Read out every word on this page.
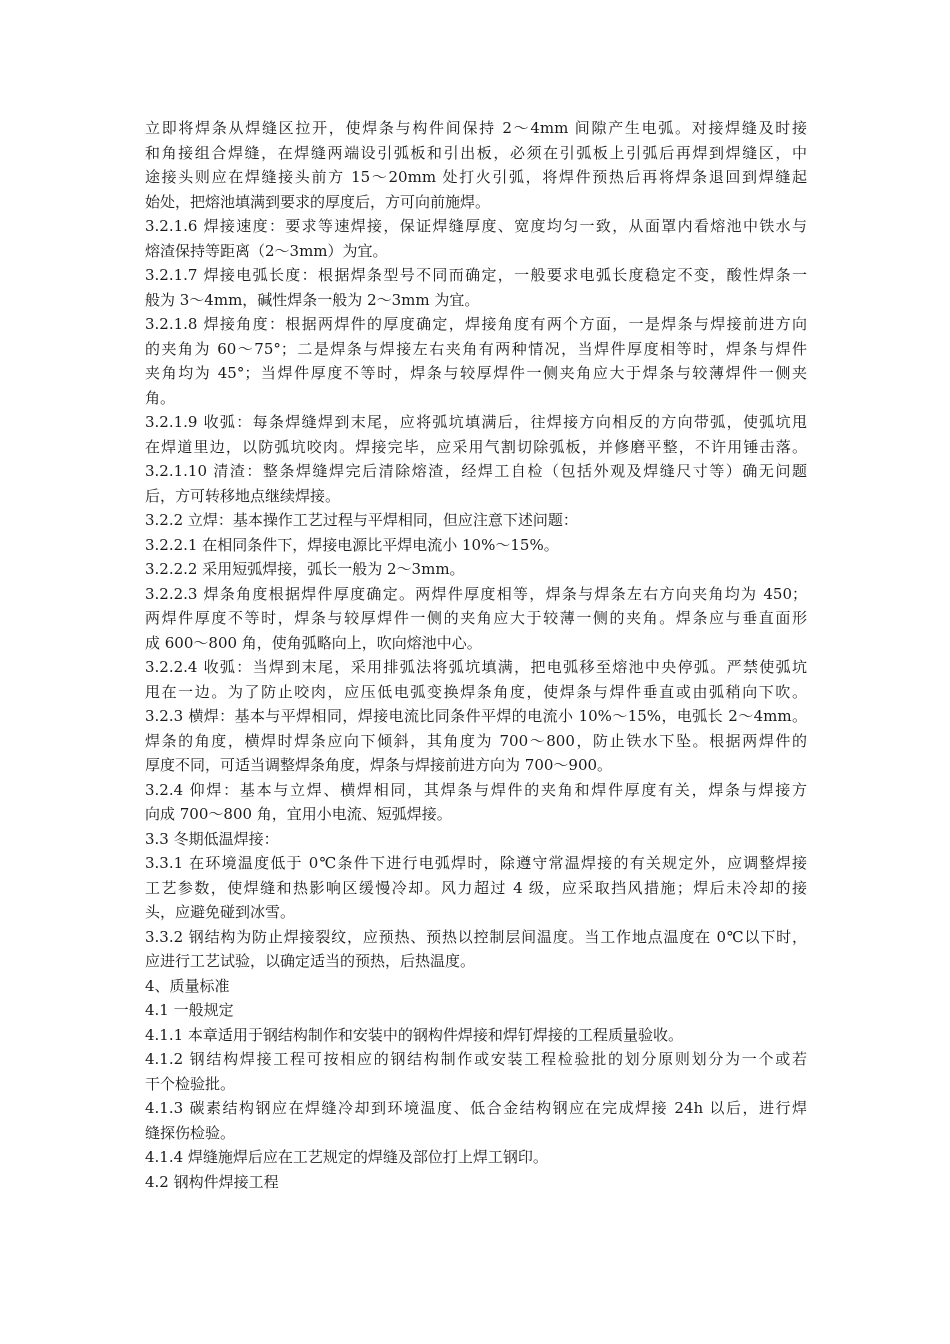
立即将焊条从焊缝区拉开，使焊条与构件间保持 2～4mm 间隙产生电弧。对接焊缝及时接
和角接组合焊缝，在焊缝两端设引弧板和引出板，必须在引弧板上引弧后再焊到焊缝区，中
途接头则应在焊缝接头前方 15～20mm 处打火引弧，将焊件预热后再将焊条退回到焊缝起
始处，把熔池填满到要求的厚度后，方可向前施焊。
3.2.1.6 焊接速度：要求等速焊接，保证焊缝厚度、宽度均匀一致，从面罩内看熔池中铁水与
熔渣保持等距离（2～3mm）为宜。
3.2.1.7 焊接电弧长度：根据焊条型号不同而确定，一般要求电弧长度稳定不变，酸性焊条一
般为 3～4mm，碱性焊条一般为 2～3mm 为宜。
3.2.1.8 焊接角度：根据两焊件的厚度确定，焊接角度有两个方面，一是焊条与焊接前进方向
的夹角为 60～75°；二是焊条与焊接左右夹角有两种情况，当焊件厚度相等时，焊条与焊件
夹角均为 45°；当焊件厚度不等时，焊条与较厚焊件一侧夹角应大于焊条与较薄焊件一侧夹
角。
3.2.1.9 收弧：每条焊缝焊到末尾，应将弧坑填满后，往焊接方向相反的方向带弧，使弧坑甩
在焊道里边，以防弧坑咬肉。焊接完毕，应采用气割切除弧板，并修磨平整，不许用锤击落。
3.2.1.10 清渣：整条焊缝焊完后清除熔渣，经焊工自检（包括外观及焊缝尺寸等）确无问题
后，方可转移地点继续焊接。
3.2.2 立焊：基本操作工艺过程与平焊相同，但应注意下述问题：
3.2.2.1 在相同条件下，焊接电源比平焊电流小 10%～15%。
3.2.2.2 采用短弧焊接，弧长一般为 2～3mm。
3.2.2.3 焊条角度根据焊件厚度确定。两焊件厚度相等，焊条与焊条左右方向夹角均为 450；
两焊件厚度不等时，焊条与较厚焊件一侧的夹角应大于较薄一侧的夹角。焊条应与垂直面形
成 600～800 角，使角弧略向上，吹向熔池中心。
3.2.2.4 收弧：当焊到末尾，采用排弧法将弧坑填满，把电弧移至熔池中央停弧。严禁使弧坑
甩在一边。为了防止咬肉，应压低电弧变换焊条角度，使焊条与焊件垂直或由弧稍向下吹。
3.2.3 横焊：基本与平焊相同，焊接电流比同条件平焊的电流小 10%～15%，电弧长 2～4mm。
焊条的角度，横焊时焊条应向下倾斜，其角度为 700～800，防止铁水下坠。根据两焊件的
厚度不同，可适当调整焊条角度，焊条与焊接前进方向为 700～900。
3.2.4 仰焊：基本与立焊、横焊相同，其焊条与焊件的夹角和焊件厚度有关，焊条与焊接方
向成 700～800 角，宜用小电流、短弧焊接。
3.3 冬期低温焊接：
3.3.1 在环境温度低于 0℃条件下进行电弧焊时，除遵守常温焊接的有关规定外，应调整焊接
工艺参数，使焊缝和热影响区缓慢冷却。风力超过 4 级，应采取挡风措施；焊后未冷却的接
头，应避免碰到冰雪。
3.3.2 钢结构为防止焊接裂纹，应预热、预热以控制层间温度。当工作地点温度在 0℃以下时，
应进行工艺试验，以确定适当的预热，后热温度。
4、质量标准
4.1 一般规定
4.1.1 本章适用于钢结构制作和安装中的钢构件焊接和焊钉焊接的工程质量验收。
4.1.2 钢结构焊接工程可按相应的钢结构制作或安装工程检验批的划分原则划分为一个或若
干个检验批。
4.1.3 碳素结构钢应在焊缝冷却到环境温度、低合金结构钢应在完成焊接 24h 以后，进行焊
缝探伤检验。
4.1.4 焊缝施焊后应在工艺规定的焊缝及部位打上焊工钢印。
4.2 钢构件焊接工程
